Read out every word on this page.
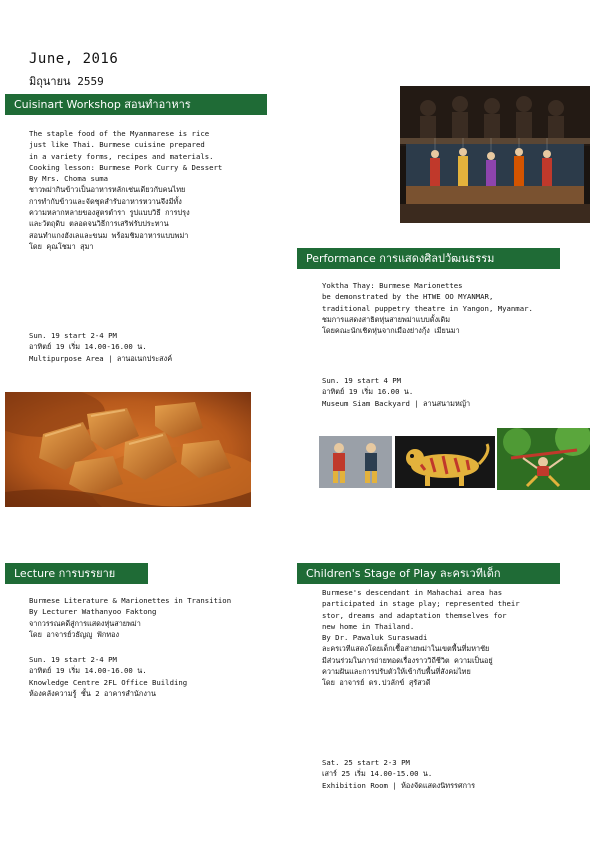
June, 2016
มิถุนายน 2559
Cuisinart Workshop สอนทำอาหาร
The staple food of the Myanmarese is rice
just like Thai. Burmese cuisine prepared
in a variety forms, recipes and materials.
Cooking lesson: Burmese Pork Curry & Dessert
By Mrs. Choma suma
ชาวพม่ากินข้าวเป็นอาหารหลักเช่นเดียวกับคนไทย
การทำกับข้าวและจัดชุดสำรับอาหารหวานจึงมีทั้ง
ความหลากหลายของสูตรตำรา รูปแบบวิธี การปรุง
และวัตถุดิบ ตลอดจนวิธีการเสริฟรับประทาน
สอนทำแกงฮังเลและขนม พร้อมชิมอาหารแบบพม่า
โดย คุณโชมา สุมา
Sun. 19 start 2-4 PM
อาทิตย์ 19 เริ่ม 14.00-16.00 น.
Multipurpose Area | ลานอเนกประสงค์
Performance การแสดงศิลปวัฒนธรรม
Yoktha Thay: Burmese Marionettes
be demonstrated by the HTWE OO MYANMAR,
traditional puppetry theatre in Yangon, Myanmar.
ชมการแสดงสาธิตหุ่นสายพม่าแบบดั้งเดิม
โดยคณะนักเชิดหุ่นจากเมืองย่างกุ้ง เมียนมา
Sun. 19 start 4 PM
อาทิตย์ 19 เริ่ม 16.00 น.
Museum Siam Backyard | ลานสนามหญ้า
Lecture การบรรยาย
Burmese Literature & Marionettes in Transition
By Lecturer Wathanyoo Faktong
จากวรรณคดีสู่การแสดงหุ่นสายพม่า
โดย อาจารย์วธัญญู ฟักทอง
Sun. 19 start 2-4 PM
อาทิตย์ 19 เริ่ม 14.00-16.00 น.
Knowledge Centre 2FL Office Building
ห้องคลังความรู้ ชั้น 2 อาคารสำนักงาน
Children's Stage of Play ละครเวทีเด็ก
Burmese's descendant in Mahachai area has
participated in stage play; represented their
stor, dreams and adaptation themselves for
new home in Thailand.
By Dr. Pawaluk Suraswadi
ละครเวทีแสดงโดยเด็กเชื้อสายพม่าในเขตพื้นที่มหาชัย
มีส่วนร่วมในการถ่ายทอดเรื่องราววิถีชีวิต ความเป็นอยู่
ความฝันและการปรับตัวให้เข้ากับพื้นที่สังคมไทย
โดย อาจารย์ ดร.ปวลักข์ สุรัสวดี
Sat. 25 start 2-3 PM
เสาร์ 25 เริ่ม 14.00-15.00 น.
Exhibition Room | ห้องจัดแสดงนิทรรศการ
